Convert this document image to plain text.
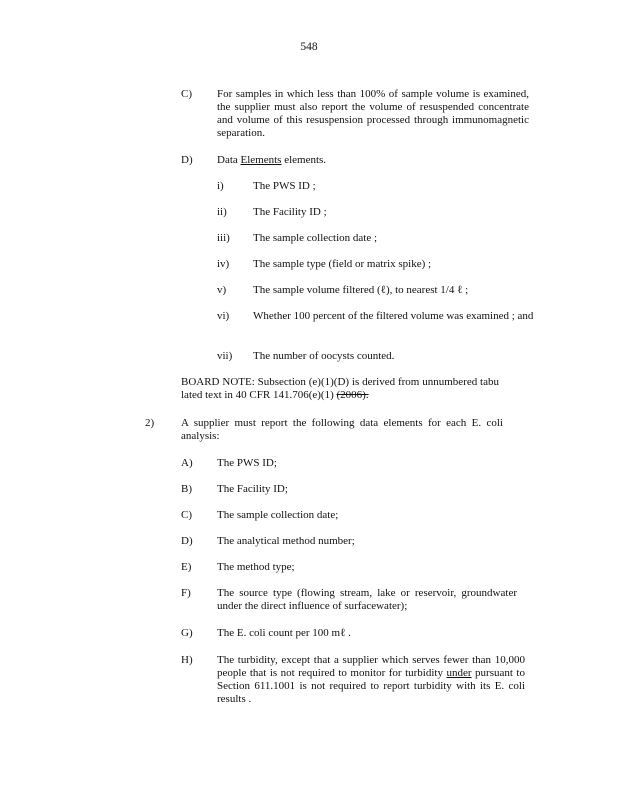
548
C) For samples in which less than 100% of sample volume is examined, the supplier must also report the volume of resuspended concentrate and volume of this resuspension processed through immunomagnetic separation.
D) Data Elements elements.
i)	The PWS ID ;
ii) The Facility ID ;
iii) The sample collection date ;
iv) The sample type (field or matrix spike) ;
v) The sample volume filtered (ℓ), to nearest 1/4 ℓ ;
vi) Whether 100 percent of the filtered volume was examined ; and
vii) The number of oocysts counted.
BOARD NOTE: Subsection (e)(1)(D) is derived from unnumbered tabu lated text in 40 CFR 141.706(e)(1) (2006).
2) A supplier must report the following data elements for each E. coli analysis:
A) The PWS ID;
B) The Facility ID;
C) The sample collection date;
D) The analytical method number;
E) The method type;
F) The source type (flowing stream, lake or reservoir, groundwater under the direct influence of surfacewater);
G) The E. coli count per 100 mℓ .
H) The turbidity, except that a supplier which serves fewer than 10,000 people that is not required to monitor for turbidity under pursuant to Section 611.1001 is not required to report turbidity with its E. coli results .
